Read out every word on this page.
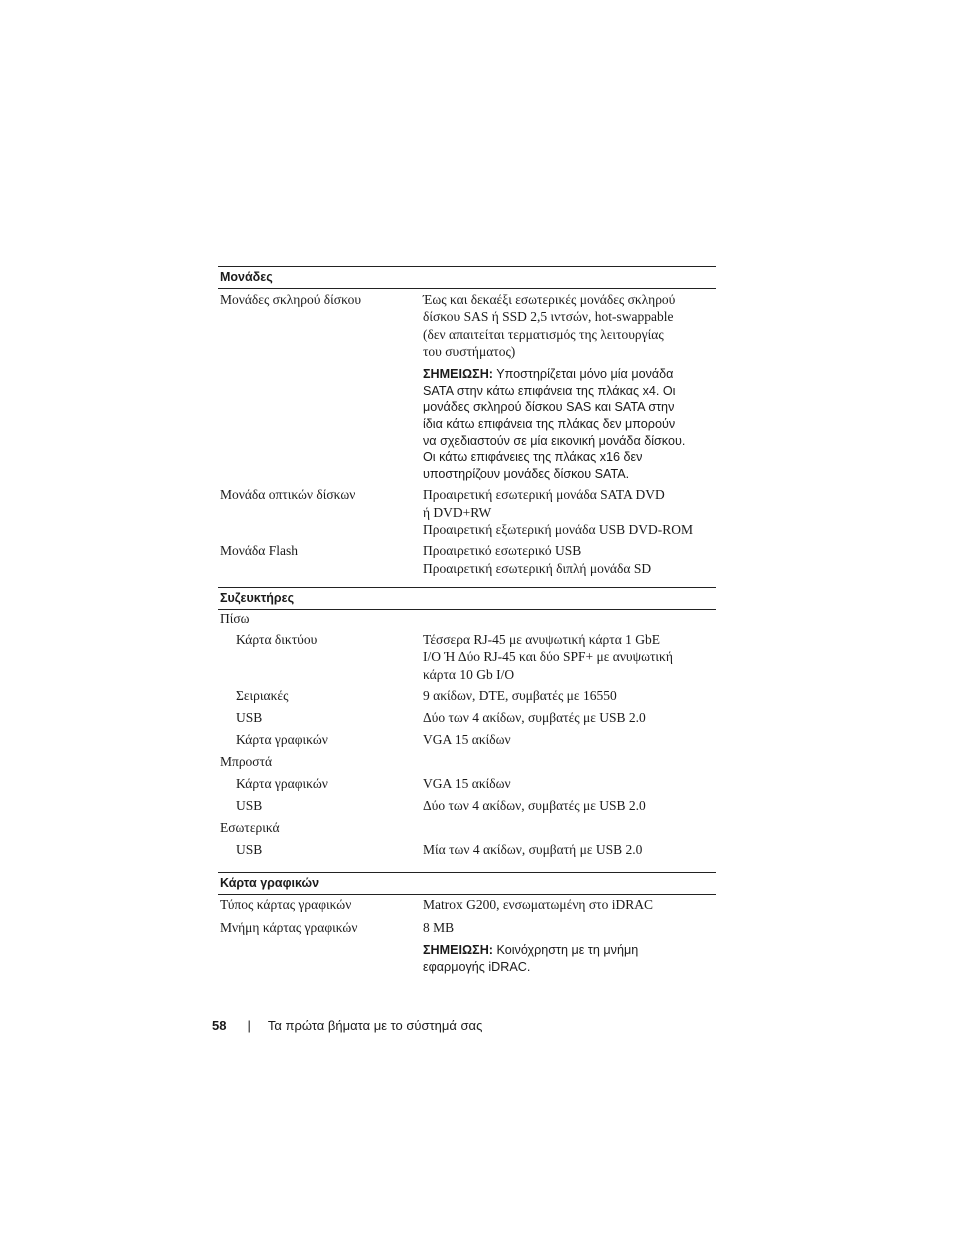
Μονάδες
Μονάδες σκληρού δίσκου	Έως και δεκαέξι εσωτερικές μονάδες σκληρού
δίσκου SAS ή SSD 2,5 ιντσών, hot-swappable
(δεν απαιτείται τερματισμός της λειτουργίας
του συστήματος)
ΣΗΜΕΙΩΣΗ: Υποστηρίζεται μόνο μία μονάδα
SATA στην κάτω επιφάνεια της πλάκας x4. Οι
μονάδες σκληρού δίσκου SAS και SATA στην
ίδια κάτω επιφάνεια της πλάκας δεν μπορούν
να σχεδιαστούν σε μία εικονική μονάδα δίσκου.
Οι κάτω επιφάνειες της πλάκας x16 δεν
υποστηρίζουν μονάδες δίσκου SATA.
Μονάδα οπτικών δίσκων	Προαιρετική εσωτερική μονάδα SATA DVD
ή DVD+RW
Προαιρετική εξωτερική μονάδα USB DVD-ROM
Μονάδα Flash	Προαιρετικό εσωτερικό USB
Προαιρετική εσωτερική διπλή μονάδα SD
Συζευκτήρες
Πίσω
Κάρτα δικτύου	Τέσσερα RJ-45 με ανυψωτική κάρτα 1 GbE
I/O Ή Δύο RJ-45 και δύο SPF+ με ανυψωτική
κάρτα 10 Gb I/O
Σειριακές	9 ακίδων, DTE, συμβατές με 16550
USB	Δύο των 4 ακίδων, συμβατές με USB 2.0
Κάρτα γραφικών	VGA 15 ακίδων
Μπροστά
Κάρτα γραφικών	VGA 15 ακίδων
USB	Δύο των 4 ακίδων, συμβατές με USB 2.0
Εσωτερικά
USB	Μία των 4 ακίδων, συμβατή με USB 2.0
Κάρτα γραφικών
Τύπος κάρτας γραφικών	Matrox G200, ενσωματωμένη στο iDRAC
Μνήμη κάρτας γραφικών	8 MB
ΣΗΜΕΙΩΣΗ: Κοινόχρηστη με τη μνήμη
εφαρμογής iDRAC.
58 | Τα πρώτα βήματα με το σύστημά σας
